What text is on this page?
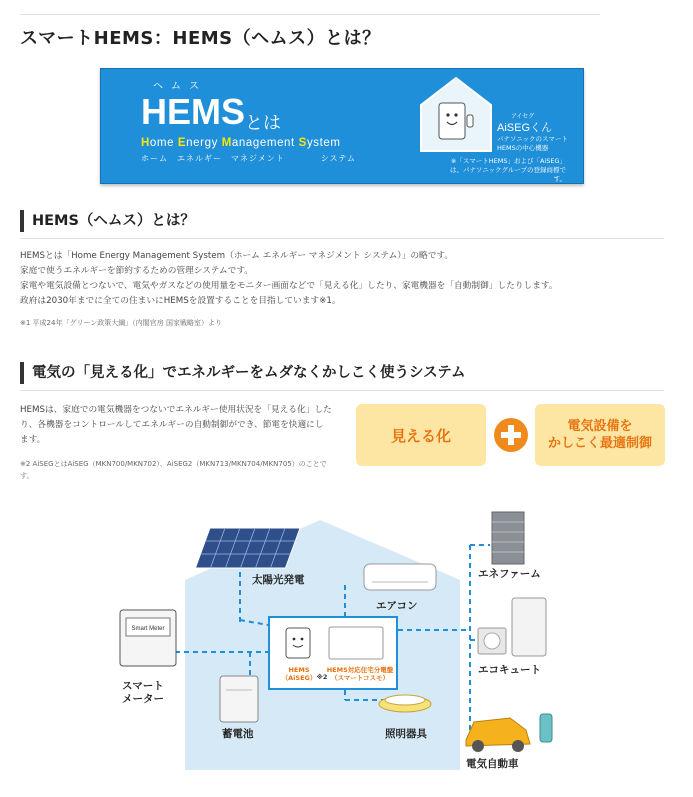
スマートHEMS：HEMS（ヘムス）とは？
ヘムス
HEMS とは
Home Energy Management System
ホーム　エネルギー　マネジメント　　　　システム
アイセグ
AiSEGくん
パナソニックのスマートHEMSの中心機器
※「スマートHEMS」および「AiSEG」は、パナソニックグループの登録商標です。
HEMS（ヘムス）とは？

HEMSとは「Home Energy Management System（ホーム エネルギー マネジメント システム）」の略です。

家庭で使うエネルギーを節約するための管理システムです。

家電や電気設備とつないで、電気やガスなどの使用量をモニター画面などで「見える化」したり、家電機器を「自動制御」したりします。

政府は2030年までに全ての住まいにHEMSを設置することを目指しています※1。

※1 平成24年「グリーン政策大綱」（内閣官房 国家戦略室）より
電気の「見える化」でエネルギーをムダなくかしこく使うシステム
HEMSは、家庭での電気機器をつないでエネルギー使用状況を「見える化」したり、各機器をコントロールしてエネルギーの自動制御ができ、節電を快適にします。
※2 AiSEGとはAiSEG（MKN700/MKN702）、AiSEG2（MKN713/MKN704/MKN705）のことです。
見える化	電気設備を
かしこく最適制御
Smart Meter
HEMS
（AiSEG） ※2
HEMS対応住宅分電盤
（スマートコスモ）
太陽光発電
エアコン
エネファーム
エコキュート
スマート
メーター
蓄電池	照明器具
電気自動車
